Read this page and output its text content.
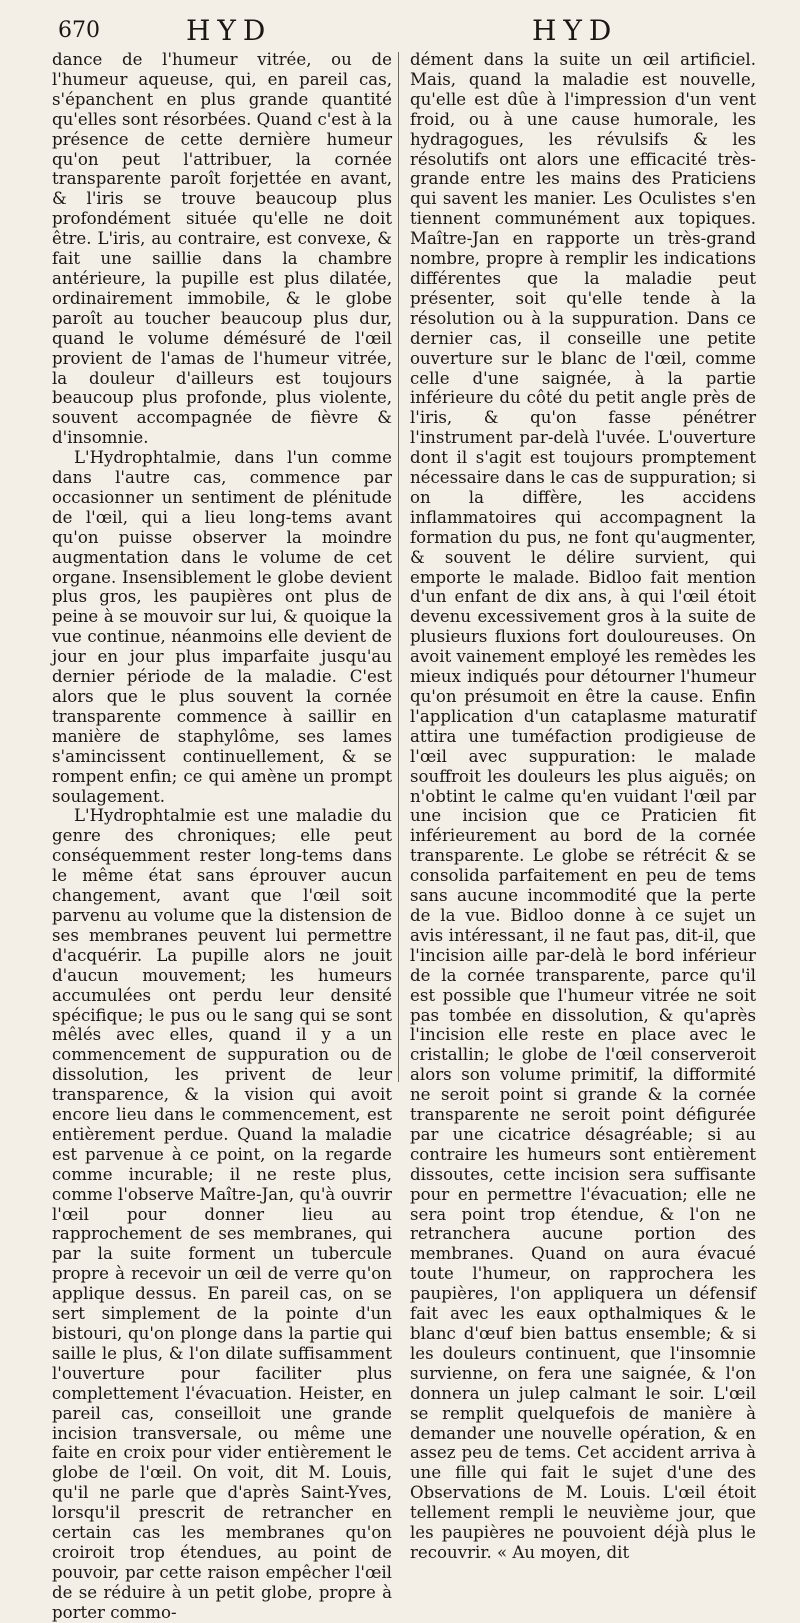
670	HYD	HYD

dance de l'humeur vitrée, ou de l'humeur aqueuse, qui, en pareil cas, s'épanchent en plus grande quantité qu'elles sont résorbées. Quand c'est à la présence de cette dernière humeur qu'on peut l'attribuer, la cornée transparente paroît forjettée en avant, & l'iris se trouve beaucoup plus profondément située qu'elle ne doit être. L'iris, au contraire, est convexe, & fait une saillie dans la chambre antérieure, la pupille est plus dilatée, ordinairement immobile, & le globe paroît au toucher beaucoup plus dur, quand le volume démésuré de l'œil provient de l'amas de l'humeur vitrée, la douleur d'ailleurs est toujours beaucoup plus profonde, plus violente, souvent accompagnée de fièvre & d'insomnie.

L'Hydrophtalmie, dans l'un comme dans l'autre cas, commence par occasionner un sentiment de plénitude de l'œil, qui a lieu long-tems avant qu'on puisse observer la moindre augmentation dans le volume de cet organe. Insensiblement le globe devient plus gros, les paupières ont plus de peine à se mouvoir sur lui, & quoique la vue continue, néanmoins elle devient de jour en jour plus imparfaite jusqu'au dernier période de la maladie. C'est alors que le plus souvent la cornée transparente commence à saillir en manière de staphylôme, ses lames s'amincissent continuellement, & se rompent enfin; ce qui amène un prompt soulagement.

L'Hydrophtalmie est une maladie du genre des chroniques; elle peut conséquemment rester long-tems dans le même état sans éprouver aucun changement, avant que l'œil soit parvenu au volume que la distension de ses membranes peuvent lui permettre d'acquérir. La pupille alors ne jouit d'aucun mouvement; les humeurs accumulées ont perdu leur densité spécifique; le pus ou le sang qui se sont mêlés avec elles, quand il y a un commencement de suppuration ou de dissolution, les privent de leur transparence, & la vision qui avoit encore lieu dans le commencement, est entièrement perdue. Quand la maladie est parvenue à ce point, on la regarde comme incurable; il ne reste plus, comme l'observe Maître-Jan, qu'à ouvrir l'œil pour donner lieu au rapprochement de ses membranes, qui par la suite forment un tubercule propre à recevoir un œil de verre qu'on applique dessus. En pareil cas, on se sert simplement de la pointe d'un bistouri, qu'on plonge dans la partie qui saille le plus, & l'on dilate suffisamment l'ouverture pour faciliter plus complettement l'évacuation. Heister, en pareil cas, conseilloit une grande incision transversale, ou même une faite en croix pour vider entièrement le globe de l'œil. On voit, dit M. Louis, qu'il ne parle que d'après Saint-Yves, lorsqu'il prescrit de retrancher en certain cas les membranes qu'on croiroit trop étendues, au point de pouvoir, par cette raison empêcher l'œil de se réduire à un petit globe, propre à porter commo-

dément dans la suite un œil artificiel. Mais, quand la maladie est nouvelle, qu'elle est dûe à l'impression d'un vent froid, ou à une cause humorale, les hydragogues, les révulsifs & les résolutifs ont alors une efficacité très-grande entre les mains des Praticiens qui savent les manier. Les Oculistes s'en tiennent communément aux topiques. Maître-Jan en rapporte un très-grand nombre, propre à remplir les indications différentes que la maladie peut présenter, soit qu'elle tende à la résolution ou à la suppuration. Dans ce dernier cas, il conseille une petite ouverture sur le blanc de l'œil, comme celle d'une saignée, à la partie inférieure du côté du petit angle près de l'iris, & qu'on fasse pénétrer l'instrument par-delà l'uvée. L'ouverture dont il s'agit est toujours promptement nécessaire dans le cas de suppuration; si on la diffère, les accidens inflammatoires qui accompagnent la formation du pus, ne font qu'augmenter, & souvent le délire survient, qui emporte le malade. Bidloo fait mention d'un enfant de dix ans, à qui l'œil étoit devenu excessivement gros à la suite de plusieurs fluxions fort douloureuses. On avoit vainement employé les remèdes les mieux indiqués pour détourner l'humeur qu'on présumoit en être la cause. Enfin l'application d'un cataplasme maturatif attira une tuméfaction prodigieuse de l'œil avec suppuration: le malade souffroit les douleurs les plus aiguës; on n'obtint le calme qu'en vuidant l'œil par une incision que ce Praticien fit inférieurement au bord de la cornée transparente. Le globe se rétrécit & se consolida parfaitement en peu de tems sans aucune incommodité que la perte de la vue. Bidloo donne à ce sujet un avis intéressant, il ne faut pas, dit-il, que l'incision aille par-delà le bord inférieur de la cornée transparente, parce qu'il est possible que l'humeur vitrée ne soit pas tombée en dissolution, & qu'après l'incision elle reste en place avec le cristallin; le globe de l'œil conserveroit alors son volume primitif, la difformité ne seroit point si grande & la cornée transparente ne seroit point défigurée par une cicatrice désagréable; si au contraire les humeurs sont entièrement dissoutes, cette incision sera suffisante pour en permettre l'évacuation; elle ne sera point trop étendue, & l'on ne retranchera aucune portion des membranes. Quand on aura évacué toute l'humeur, on rapprochera les paupières, l'on appliquera un défensif fait avec les eaux opthalmiques & le blanc d'œuf bien battus ensemble; & si les douleurs continuent, que l'insomnie survienne, on fera une saignée, & l'on donnera un julep calmant le soir. L'œil se remplit quelquefois de manière à demander une nouvelle opération, & en assez peu de tems. Cet accident arriva à une fille qui fait le sujet d'une des Observations de M. Louis. L'œil étoit tellement rempli le neuvième jour, que les paupières ne pouvoient déjà plus le recouvrir. « Au moyen, dit
